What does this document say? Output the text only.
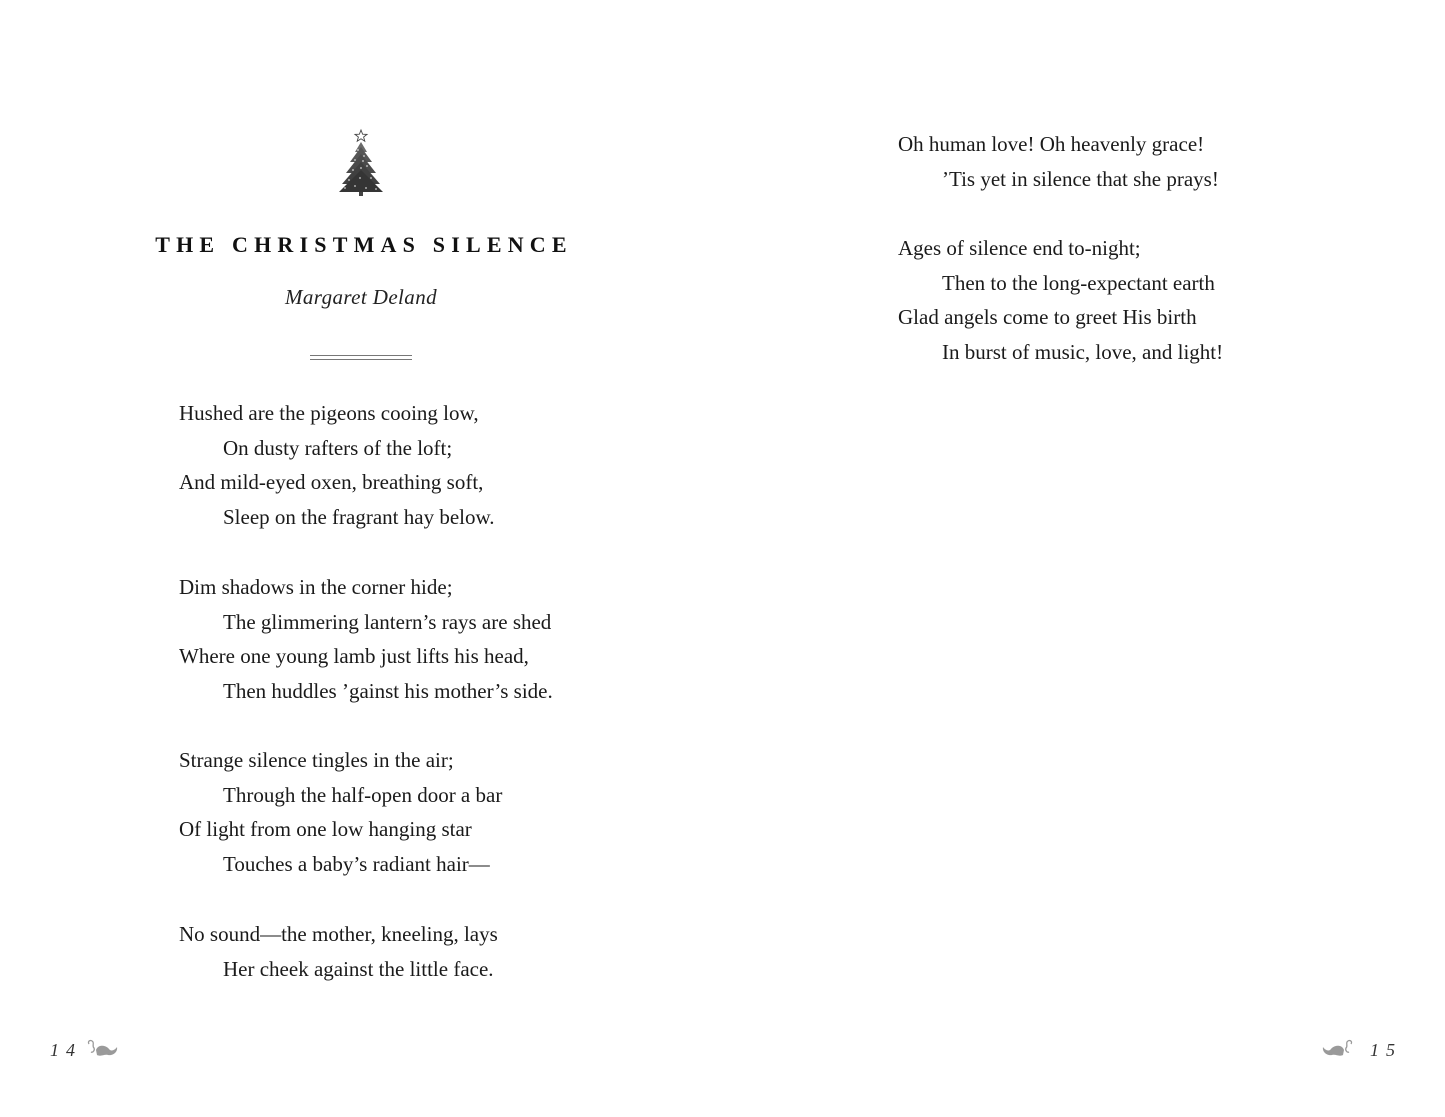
THE CHRISTMAS SILENCE
Margaret Deland
Hushed are the pigeons cooing low,
On dusty rafters of the loft;
And mild-eyed oxen, breathing soft,
Sleep on the fragrant hay below.
Dim shadows in the corner hide;
The glimmering lantern’s rays are shed
Where one young lamb just lifts his head,
Then huddles ’gainst his mother’s side.
Strange silence tingles in the air;
Through the half-open door a bar
Of light from one low hanging star
Touches a baby’s radiant hair—
No sound—the mother, kneeling, lays
Her cheek against the little face.
14
Oh human love! Oh heavenly grace!
’Tis yet in silence that she prays!
Ages of silence end to-night;
Then to the long-expectant earth
Glad angels come to greet His birth
In burst of music, love, and light!
15
